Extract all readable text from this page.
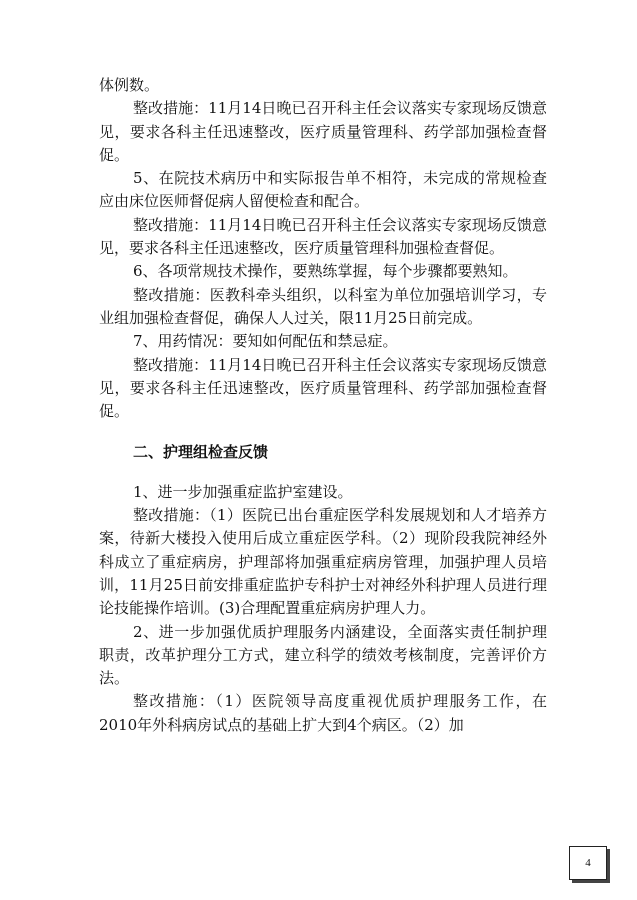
体例数。

整改措施：11月14日晚已召开科主任会议落实专家现场反馈意见，要求各科主任迅速整改，医疗质量管理科、药学部加强检查督促。

5、在院技术病历中和实际报告单不相符，未完成的常规检查应由床位医师督促病人留便检查和配合。

整改措施：11月14日晚已召开科主任会议落实专家现场反馈意见，要求各科主任迅速整改，医疗质量管理科加强检查督促。

6、各项常规技术操作，要熟练掌握，每个步骤都要熟知。

整改措施：医教科牵头组织，以科室为单位加强培训学习，专业组加强检查督促，确保人人过关，限11月25日前完成。

7、用药情况：要知如何配伍和禁忌症。

整改措施：11月14日晚已召开科主任会议落实专家现场反馈意见，要求各科主任迅速整改，医疗质量管理科、药学部加强检查督促。

二、护理组检查反馈

1、进一步加强重症监护室建设。

整改措施：（1）医院已出台重症医学科发展规划和人才培养方案，待新大楼投入使用后成立重症医学科。（2）现阶段我院神经外科成立了重症病房，护理部将加强重症病房管理，加强护理人员培训，11月25日前安排重症监护专科护士对神经外科护理人员进行理论技能操作培训。(3)合理配置重症病房护理人力。

2、进一步加强优质护理服务内涵建设，全面落实责任制护理职责，改革护理分工方式，建立科学的绩效考核制度，完善评价方法。

整改措施：（1）医院领导高度重视优质护理服务工作，在2010年外科病房试点的基础上扩大到4个病区。（2）加

4
